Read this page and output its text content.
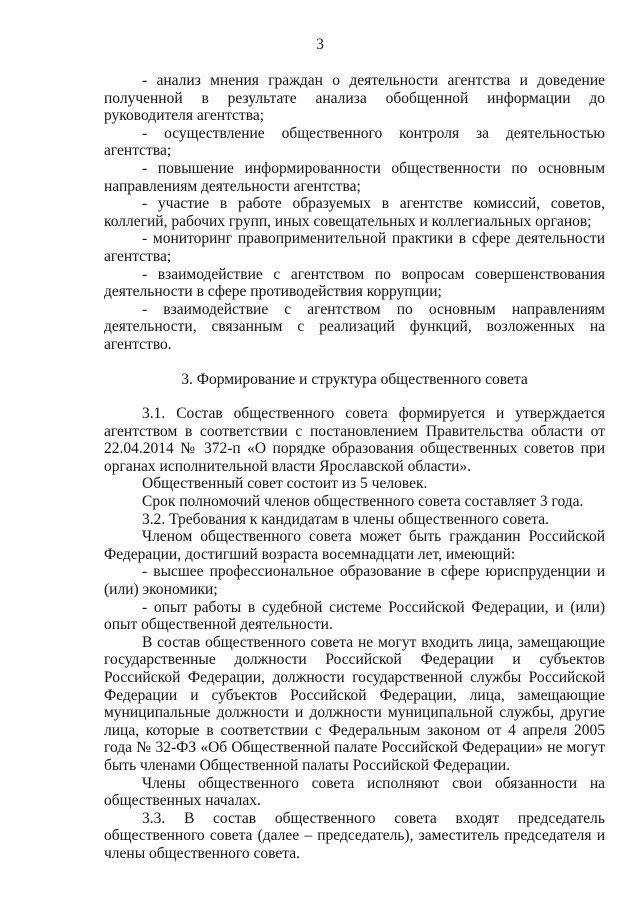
3

- анализ мнения граждан о деятельности агентства и доведение полученной в результате анализа обобщенной информации до руководителя агентства;

- осуществление общественного контроля за деятельностью агентства;

- повышение информированности общественности по основным направлениям деятельности агентства;

- участие в работе образуемых в агентстве комиссий, советов, коллегий, рабочих групп, иных совещательных и коллегиальных органов;

- мониторинг правоприменительной практики в сфере деятельности агентства;

- взаимодействие с агентством по вопросам совершенствования деятельности в сфере противодействия коррупции;

- взаимодействие с агентством по основным направлениям деятельности, связанным с реализаций функций, возложенных на агентство.

3. Формирование и структура общественного совета

3.1. Состав общественного совета формируется и утверждается агентством в соответствии с постановлением Правительства области от 22.04.2014 № 372-п «О порядке образования общественных советов при органах исполнительной власти Ярославской области».

Общественный совет состоит из 5 человек.

Срок полномочий членов общественного совета составляет 3 года.

3.2. Требования к кандидатам в члены общественного совета.

Членом общественного совета может быть гражданин Российской Федерации, достигший возраста восемнадцати лет, имеющий:

- высшее профессиональное образование в сфере юриспруденции и (или) экономики;

- опыт работы в судебной системе Российской Федерации, и (или) опыт общественной деятельности.

В состав общественного совета не могут входить лица, замещающие государственные должности Российской Федерации и субъектов Российской Федерации, должности государственной службы Российской Федерации и субъектов Российской Федерации, лица, замещающие муниципальные должности и должности муниципальной службы, другие лица, которые в соответствии с Федеральным законом от 4 апреля 2005 года № 32-ФЗ «Об Общественной палате Российской Федерации» не могут быть членами Общественной палаты Российской Федерации.

Члены общественного совета исполняют свои обязанности на общественных началах.

3.3. В состав общественного совета входят председатель общественного совета (далее – председатель), заместитель председателя и члены общественного совета.
